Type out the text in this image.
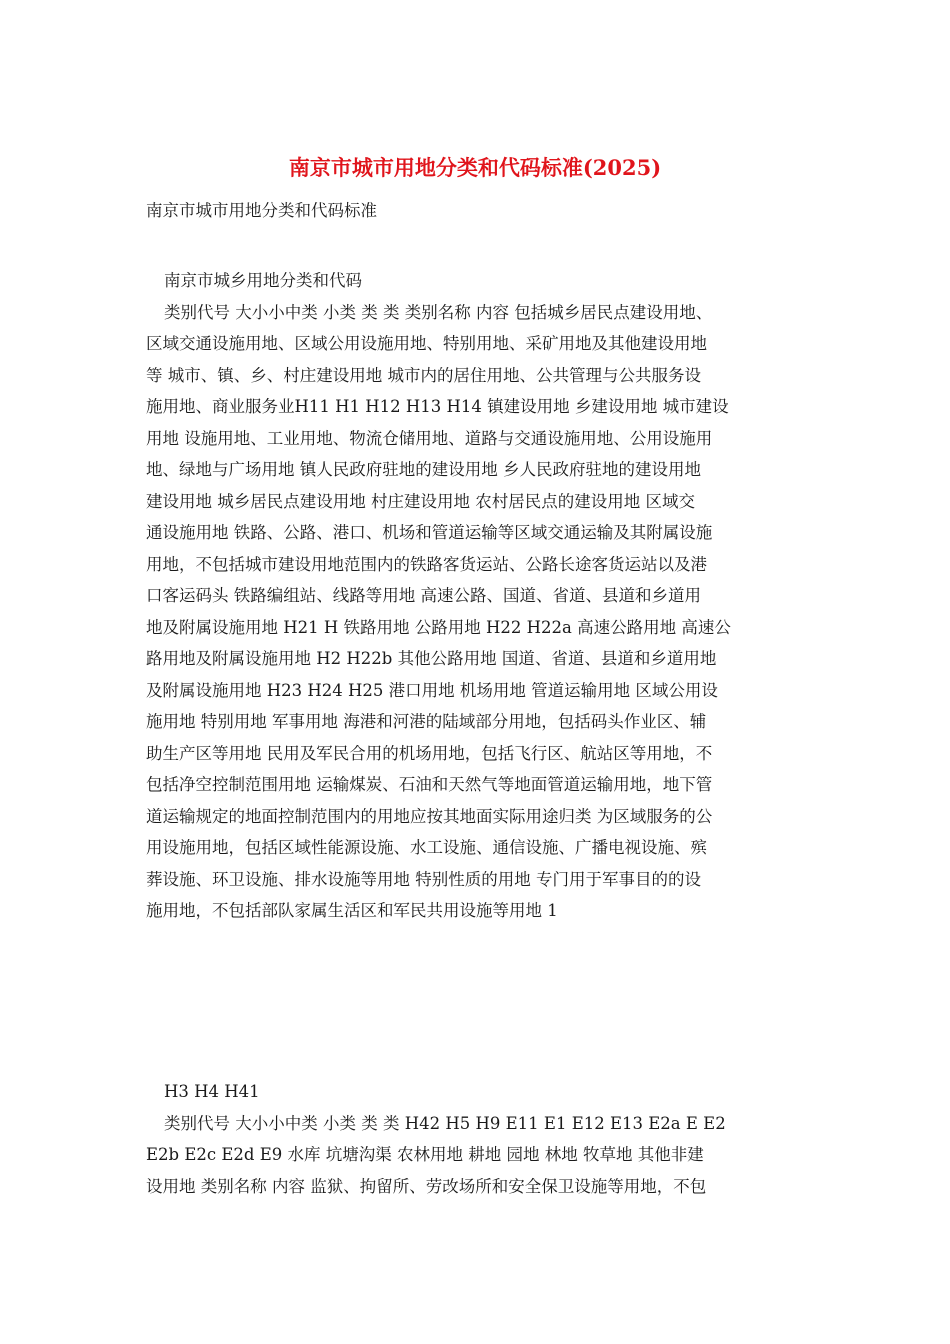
南京市城市用地分类和代码标准(2025)

南京市城市用地分类和代码标准

南京市城乡用地分类和代码
类别代号 大小小中类 小类 类 类 类别名称 内容 包括城乡居民点建设用地、
区域交通设施用地、区域公用设施用地、特别用地、采矿用地及其他建设用地
等 城市、镇、乡、村庄建设用地 城市内的居住用地、公共管理与公共服务设
施用地、商业服务业H11 H1 H12 H13 H14 镇建设用地 乡建设用地 城市建设
用地 设施用地、工业用地、物流仓储用地、道路与交通设施用地、公用设施用
地、绿地与广场用地 镇人民政府驻地的建设用地 乡人民政府驻地的建设用地
建设用地 城乡居民点建设用地 村庄建设用地 农村居民点的建设用地 区域交
通设施用地 铁路、公路、港口、机场和管道运输等区域交通运输及其附属设施
用地，不包括城市建设用地范围内的铁路客货运站、公路长途客货运站以及港
口客运码头 铁路编组站、线路等用地 高速公路、国道、省道、县道和乡道用
地及附属设施用地 H21 H 铁路用地 公路用地 H22 H22a 高速公路用地 高速公
路用地及附属设施用地 H2 H22b 其他公路用地 国道、省道、县道和乡道用地
及附属设施用地 H23 H24 H25 港口用地 机场用地 管道运输用地 区域公用设
施用地 特别用地 军事用地 海港和河港的陆域部分用地，包括码头作业区、辅
助生产区等用地 民用及军民合用的机场用地，包括飞行区、航站区等用地，不
包括净空控制范围用地 运输煤炭、石油和天然气等地面管道运输用地，地下管
道运输规定的地面控制范围内的用地应按其地面实际用途归类 为区域服务的公
用设施用地，包括区域性能源设施、水工设施、通信设施、广播电视设施、殡
葬设施、环卫设施、排水设施等用地 特别性质的用地 专门用于军事目的的设
施用地，不包括部队家属生活区和军民共用设施等用地 1
H3 H4 H41
类别代号 大小小中类 小类 类 类 H42 H5 H9 E11 E1 E12 E13 E2a E E2
E2b E2c E2d E9 水库 坑塘沟渠 农林用地 耕地 园地 林地 牧草地 其他非建
设用地 类别名称 内容 监狱、拘留所、劳改场所和安全保卫设施等用地，不包
